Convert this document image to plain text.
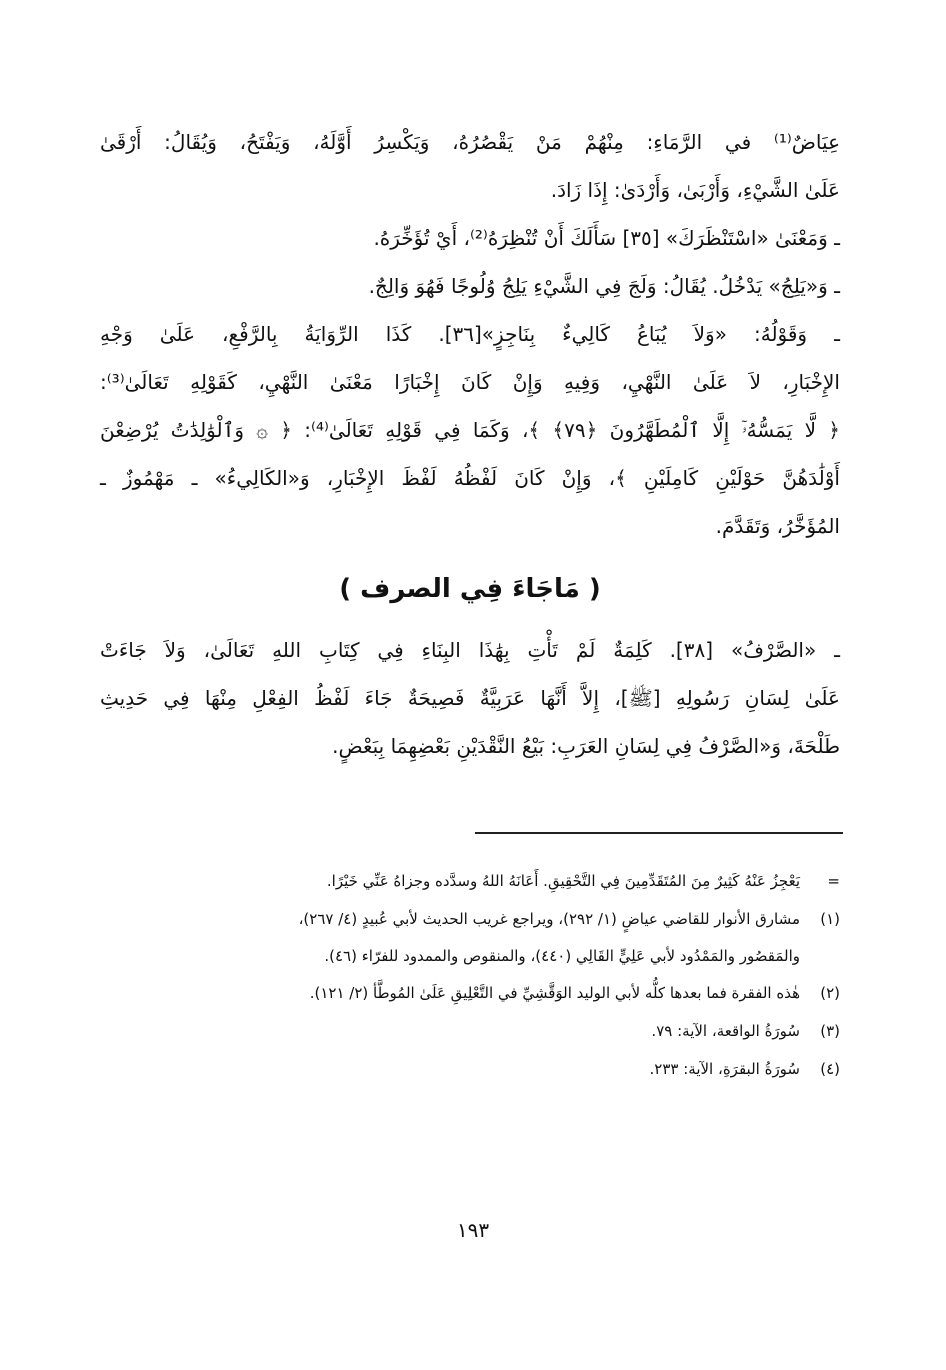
عِيَاضٌ⁽¹⁾ في الرَّمَاءِ: مِنْهُمْ مَنْ يَقْصُرُهُ، وَيَكْسِرُ أَوَّلَهُ، وَيَفْتَحُ، وَيُقَالُ: أَرْقَىٰ
عَلَىٰ الشَّيْءِ، وَأَرْبَىٰ، وَأَرْدَىٰ: إِذَا زَادَ.
ـ وَمَعْنَىٰ «اسْتَنْظَرَكَ» [٣٥] سَأَلَكَ أَنْ تُنْظِرَهُ⁽²⁾، أَيْ تُؤَخِّرَهُ.
ـ وَ«يَلِجُ» يَدْخُلُ. يُقَالُ: وَلَجَ فِي الشَّيْءِ يَلِجُ وُلُوجًا فَهُوَ وَالِجٌ.
ـ وَقَوْلُهُ: «وَلاَ يُبَاعُ كَالِيءٌ بِنَاجِزٍ»[٣٦]. كَذَا الرِّوَايَةُ بِالرَّفْعِ، عَلَىٰ وَجْهِ
الإِخْبَارِ، لاَ عَلَىٰ النَّهْيِ، وَفِيهِ وَإِنْ كَانَ إِخْبَارًا مَعْنَىٰ النَّهْيِ، كَقَوْلِهِ تَعَالَىٰ⁽³⁾:
﴿ لَّا يَمَسُّهُۥٓ إِلَّا ٱلْمُطَهَّرُونَ ﴿٧٩﴾ ﴾، وَكَمَا فِي قَوْلِهِ تَعَالَىٰ⁽⁴⁾: ﴿ ۞ وَٱلْوَٰلِدَٰتُ يُرْضِعْنَ
أَوْلَٰدَهُنَّ حَوْلَيْنِ كَامِلَيْنِ ﴾، وَإِنْ كَانَ لَفْظُهُ لَفْظَ الإِخْبَارِ، وَ«الكَالِيءُ» ـ مَهْمُوزٌ ـ
المُؤَخَّرُ، وَتَقَدَّمَ.
( مَاجَاءَ فِي الصرف )
ـ «الصَّرْفُ» [٣٨]. كَلِمَةٌ لَمْ تَأْتِ بِهَٰذَا البِنَاءِ فِي كِتَابِ اللهِ تَعَالَىٰ، وَلاَ جَاءَتْ
عَلَىٰ لِسَانِ رَسُولِهِ [ﷺ]، إِلاَّ أَنَّهَا عَرَبِيَّةٌ فَصِيحَةٌ جَاءَ لَفْظُ الفِعْلِ مِنْهَا فِي حَدِيثِ
طَلْحَةَ، وَ«الصَّرْفُ فِي لِسَانِ العَرَبِ: بَيْعُ النَّقْدَيْنِ بَعْضِهِمَا بِبَعْضٍ.
=
يَعْجِزُ عَنْهُ كَثِيرٌ مِنَ المُتَقَدِّمِينَ فِي التَّحْقِيقِ. أَعَانَهُ اللهُ وسدَّده وجزاهُ عَنِّي خَيْرًا.
(١)
مشارق الأنوار للقاضي عياضٍ (١/ ٢٩٢)، ويراجع غريب الحديث لأبي عُبيدٍ (٤/ ٢٦٧)،
والمَقصُور والمَمْدُود لأبي عَلِيٍّ القَالِي (٤٤٠)، والمنقوص والممدود للفرّاء (٤٦).
(٢)
هٰذه الفقرة فما بعدها كلُّه لأبي الوليد الوَقَّشِيِّ في التَّعْلِيقِ عَلَىٰ المُوطَّأ (٢/ ١٢١).
(٣)
سُورَةُ الواقعة، الآية: ٧٩.
(٤)
سُورَةُ البقرَةِ، الآية: ٢٣٣.
١٩٣
